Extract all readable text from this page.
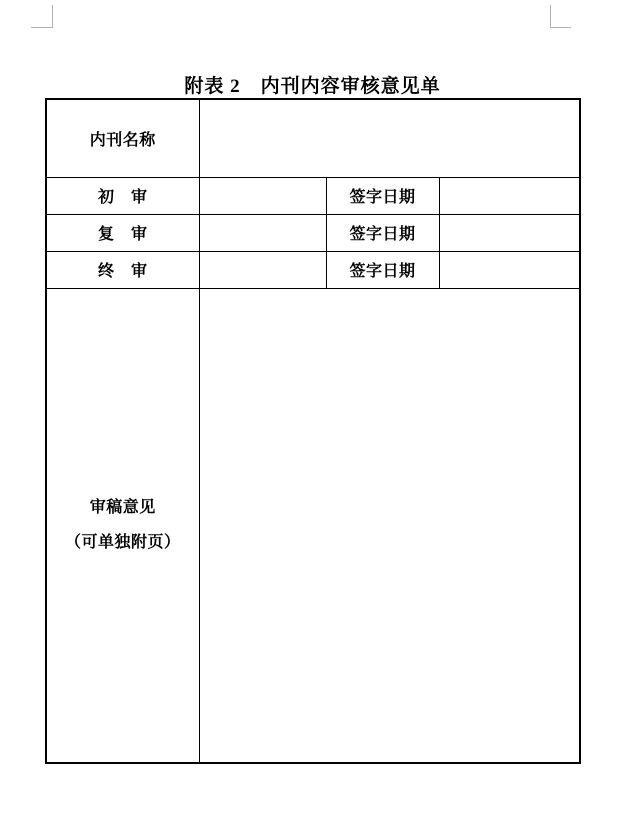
附表 2　内刊内容审核意见单
内刊名称			
初　审		签字日期	
复　审		签字日期	
终　审		签字日期	

审稿意见
（可单独附页）			
